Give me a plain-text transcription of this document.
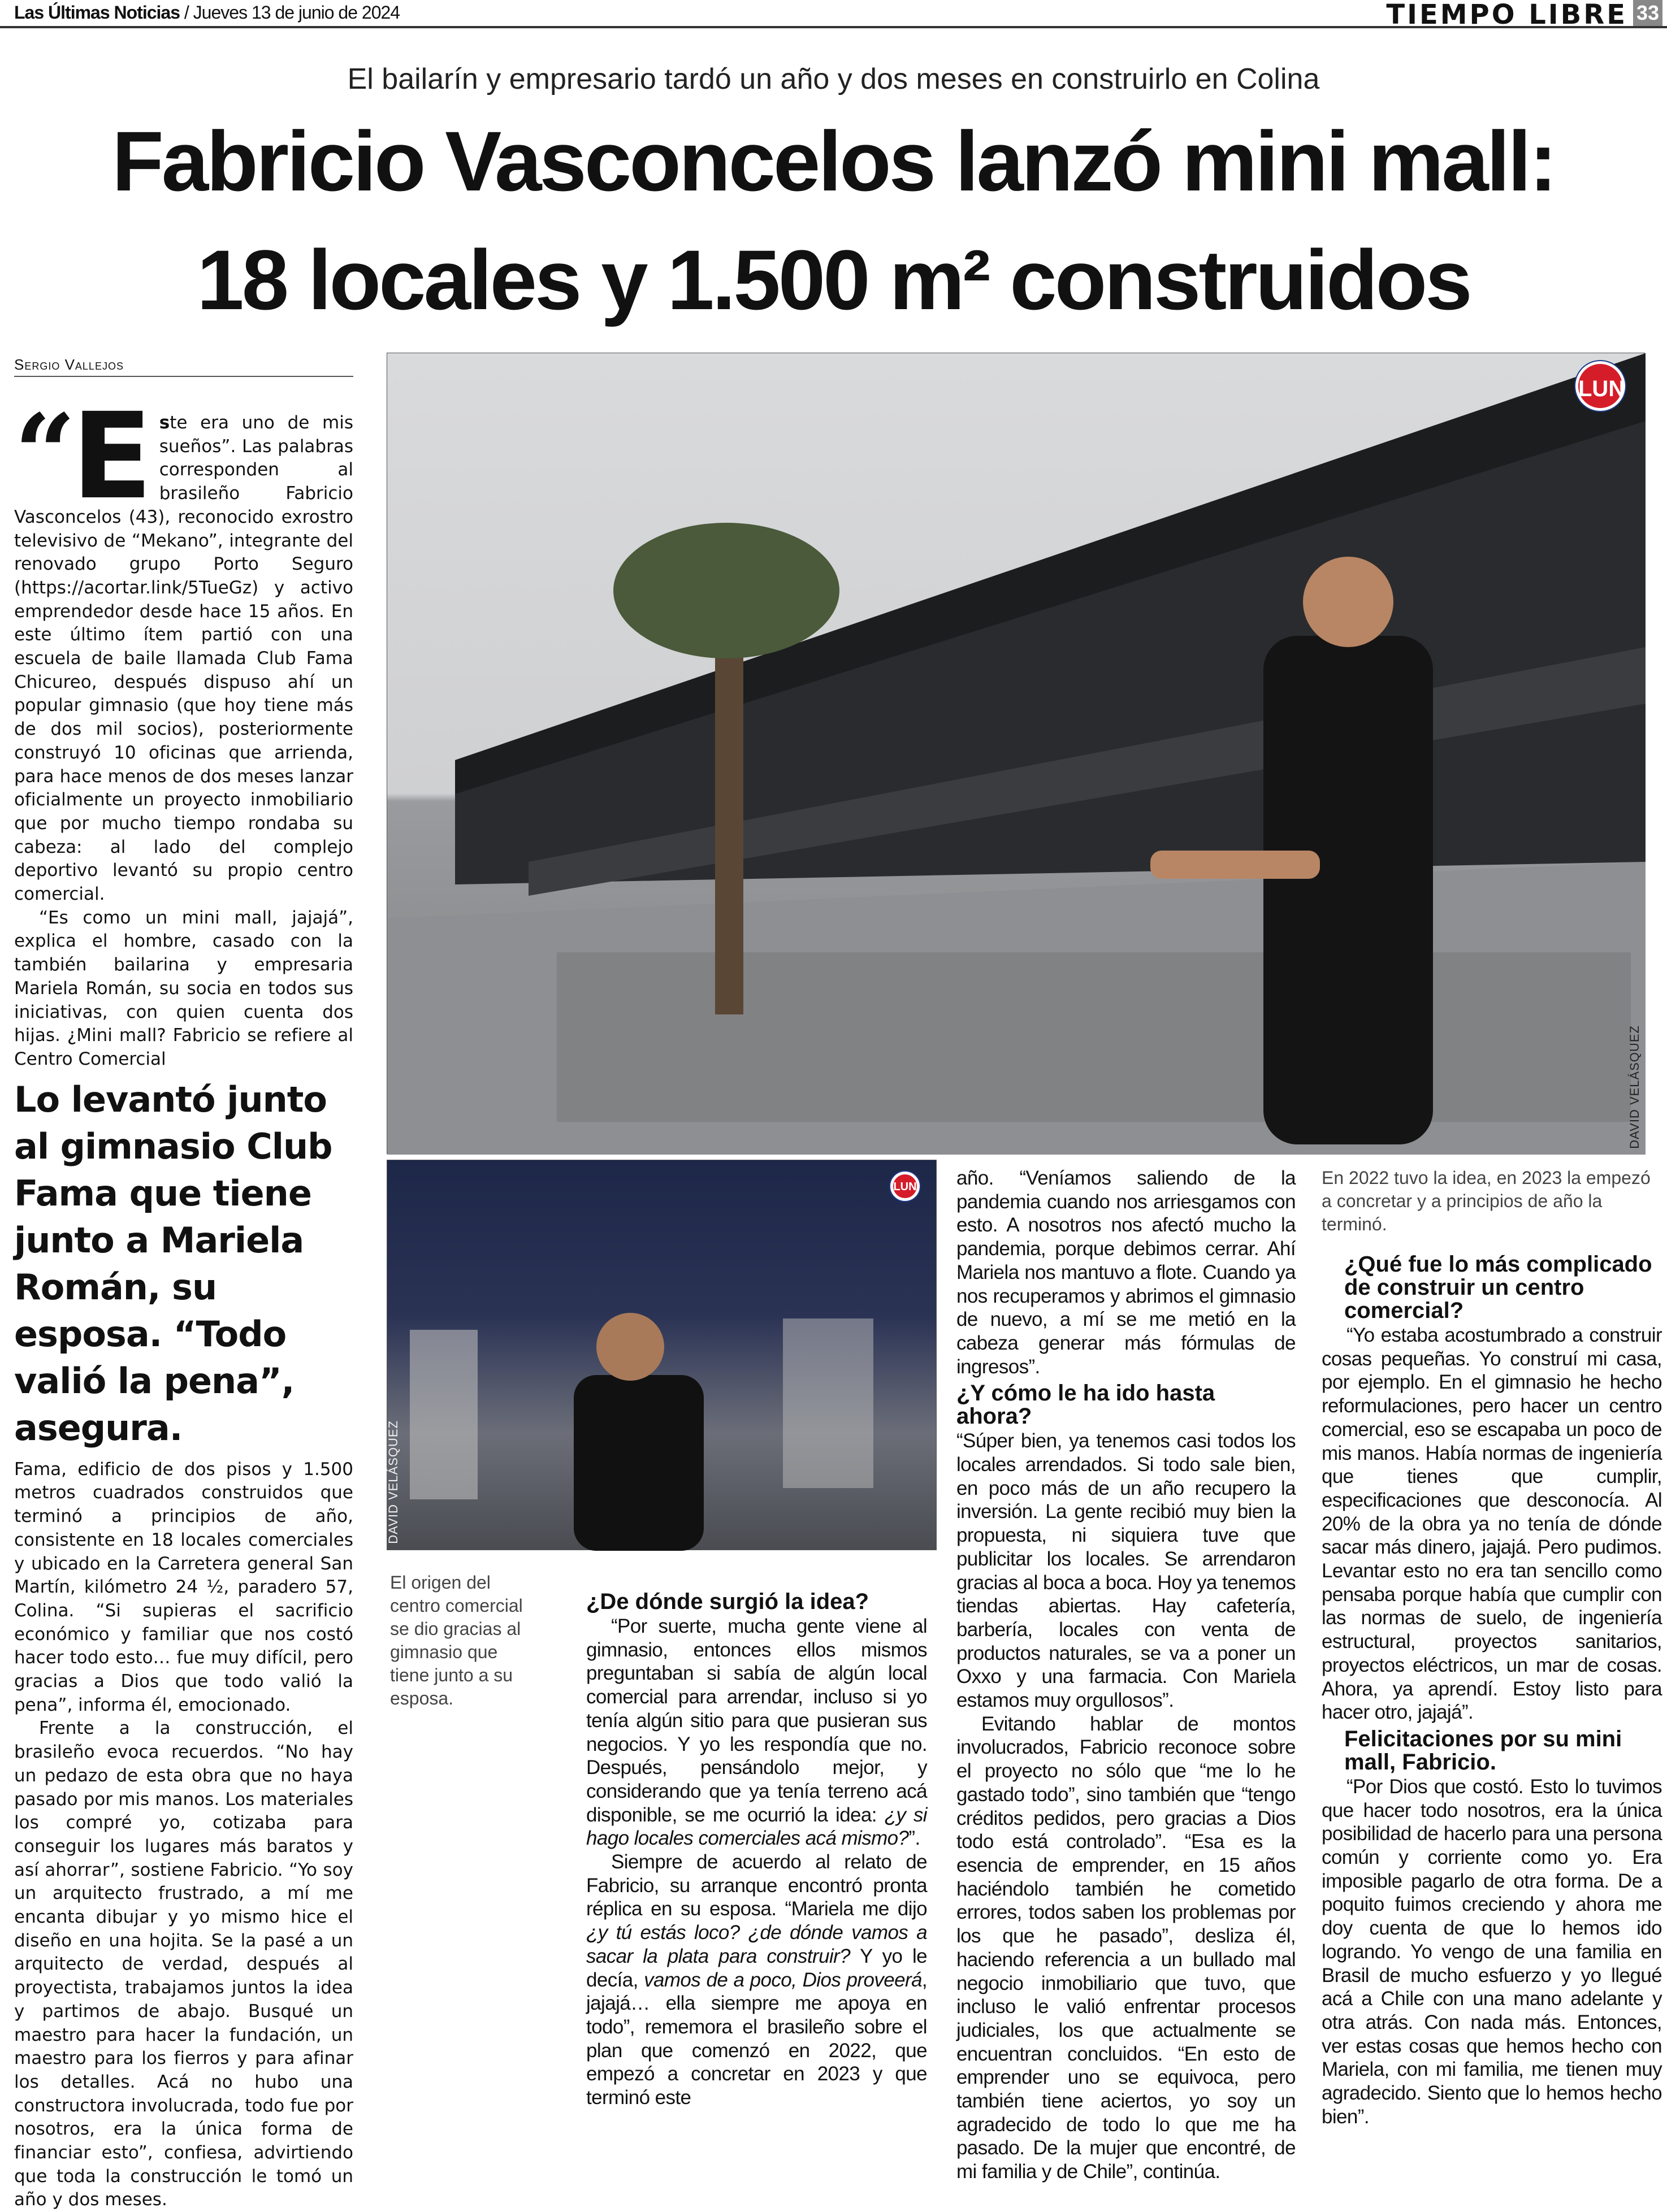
Las Últimas Noticias / Jueves 13 de junio de 2024	TIEMPO LIBRE 33
El bailarín y empresario tardó un año y dos meses en construirlo en Colina
Fabricio Vasconcelos lanzó mini mall:
18 locales y 1.500 m² construidos
Sergio Vallejos
“ E ste era uno de mis sueños”. Las palabras corresponden al brasileño Fabricio Vasconcelos (43), reconocido exrostro televisivo de “Mekano”, integrante del renovado grupo Porto Seguro (https://acortar.link/5TueGz) y activo emprendedor desde hace 15 años. En este último ítem partió con una escuela de baile llamada Club Fama Chicureo, después dispuso ahí un popular gimnasio (que hoy tiene más de dos mil socios), posteriormente construyó 10 oficinas que arrienda, para hace menos de dos meses lanzar oficialmente un proyecto inmobiliario que por mucho tiempo rondaba su cabeza: al lado del complejo deportivo levantó su propio centro comercial.

“Es como un mini mall, jajajá”, explica el hombre, casado con la también bailarina y empresaria Mariela Román, su socia en todos sus iniciativas, con quien cuenta dos hijas. ¿Mini mall? Fabricio se refiere al Centro Comercial

Lo levantó junto al gimnasio Club Fama que tiene junto a Mariela Román, su esposa. “Todo valió la pena”, asegura.

Fama, edificio de dos pisos y 1.500 metros cuadrados construidos que terminó a principios de año, consistente en 18 locales comerciales y ubicado en la Carretera general San Martín, kilómetro 24 ½, paradero 57, Colina. “Si supieras el sacrificio económico y familiar que nos costó hacer todo esto… fue muy difícil, pero gracias a Dios que todo valió la pena”, informa él, emocionado.

Frente a la construcción, el brasileño evoca recuerdos. “No hay un pedazo de esta obra que no haya pasado por mis manos. Los materiales los compré yo, cotizaba para conseguir los lugares más baratos y así ahorrar”, sostiene Fabricio. “Yo soy un arquitecto frustrado, a mí me encanta dibujar y yo mismo hice el diseño en una hojita. Se la pasé a un arquitecto de verdad, después al proyectista, trabajamos juntos la idea y partimos de abajo. Busqué un maestro para hacer la fundación, un maestro para los fierros y para afinar los detalles. Acá no hubo una constructora involucrada, todo fue por nosotros, era la única forma de financiar esto”, confiesa, advirtiendo que toda la construcción le tomó un año y dos meses.

LUN
DAVID VELÁSQUEZ
LUN
DAVID VELÁSQUEZ
El origen del centro comercial se dio gracias al gimnasio que tiene junto a su esposa.
¿De dónde surgió la idea?

“Por suerte, mucha gente viene al gimnasio, entonces ellos mismos preguntaban si sabía de algún local comercial para arrendar, incluso si yo tenía algún sitio para que pusieran sus negocios. Y yo les respondía que no. Después, pensándolo mejor, y considerando que ya tenía terreno acá disponible, se me ocurrió la idea: ¿y si hago locales comerciales acá mismo?”.

Siempre de acuerdo al relato de Fabricio, su arranque encontró pronta réplica en su esposa. “Mariela me dijo ¿y tú estás loco? ¿de dónde vamos a sacar la plata para construir? Y yo le decía, vamos de a poco, Dios proveerá, jajajá… ella siempre me apoya en todo”, rememora el brasileño sobre el plan que comenzó en 2022, que empezó a concretar en 2023 y que terminó este

año. “Veníamos saliendo de la pandemia cuando nos arriesgamos con esto. A nosotros nos afectó mucho la pandemia, porque debimos cerrar. Ahí Mariela nos mantuvo a flote. Cuando ya nos recuperamos y abrimos el gimnasio de nuevo, a mí se me metió en la cabeza generar más fórmulas de ingresos”.

¿Y cómo le ha ido hasta ahora?

“Súper bien, ya tenemos casi todos los locales arrendados. Si todo sale bien, en poco más de un año recupero la inversión. La gente recibió muy bien la propuesta, ni siquiera tuve que publicitar los locales. Se arrendaron gracias al boca a boca. Hoy ya tenemos tiendas abiertas. Hay cafetería, barbería, locales con venta de productos naturales, se va a poner un Oxxo y una farmacia. Con Mariela estamos muy orgullosos”.

Evitando hablar de montos involucrados, Fabricio reconoce sobre el proyecto no sólo que “me lo he gastado todo”, sino también que “tengo créditos pedidos, pero gracias a Dios todo está controlado”. “Esa es la esencia de emprender, en 15 años haciéndolo también he cometido errores, todos saben los problemas por los que he pasado”, desliza él, haciendo referencia a un bullado mal negocio inmobiliario que tuvo, que incluso le valió enfrentar procesos judiciales, los que actualmente se encuentran concluidos. “En esto de emprender uno se equivoca, pero también tiene aciertos, yo soy un agradecido de todo lo que me ha pasado. De la mujer que encontré, de mi familia y de Chile”, continúa.

En 2022 tuvo la idea, en 2023 la empezó a concretar y a principios de año la terminó.
¿Qué fue lo más complicado de construir un centro comercial?

“Yo estaba acostumbrado a construir cosas pequeñas. Yo construí mi casa, por ejemplo. En el gimnasio he hecho reformulaciones, pero hacer un centro comercial, eso se escapaba un poco de mis manos. Había normas de ingeniería que tienes que cumplir, especificaciones que desconocía. Al 20% de la obra ya no tenía de dónde sacar más dinero, jajajá. Pero pudimos. Levantar esto no era tan sencillo como pensaba porque había que cumplir con las normas de suelo, de ingeniería estructural, proyectos sanitarios, proyectos eléctricos, un mar de cosas. Ahora, ya aprendí. Estoy listo para hacer otro, jajajá”.

Felicitaciones por su mini mall, Fabricio.

“Por Dios que costó. Esto lo tuvimos que hacer todo nosotros, era la única posibilidad de hacerlo para una persona común y corriente como yo. Era imposible pagarlo de otra forma. De a poquito fuimos creciendo y ahora me doy cuenta de que lo hemos ido logrando. Yo vengo de una familia en Brasil de mucho esfuerzo y yo llegué acá a Chile con una mano adelante y otra atrás. Con nada más. Entonces, ver estas cosas que hemos hecho con Mariela, con mi familia, me tienen muy agradecido. Siento que lo hemos hecho bien”.
